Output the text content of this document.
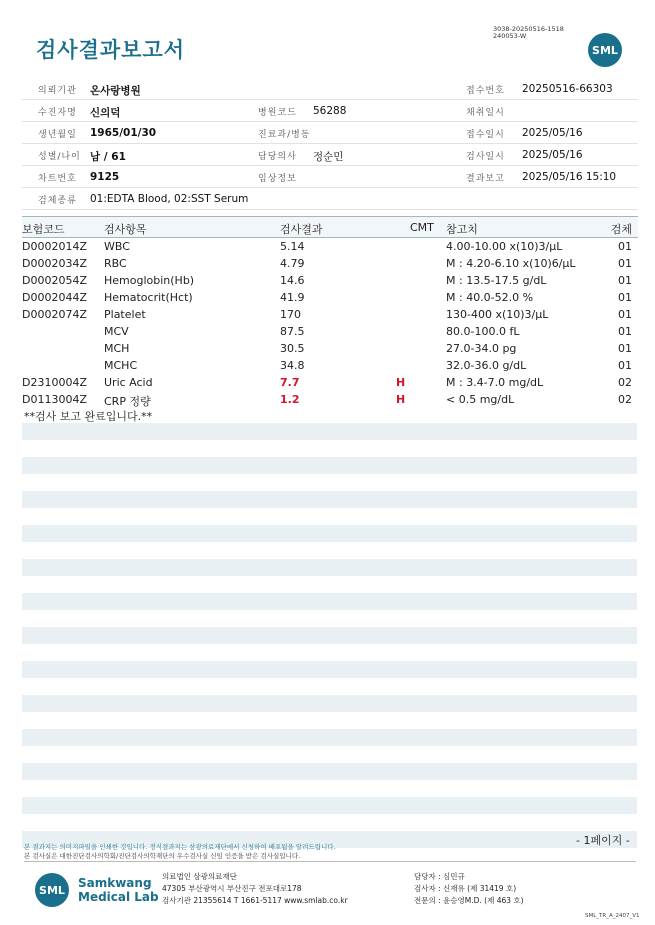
검사결과보고서
3038-20250516-1518
240053-W
SML
의뢰기관 온사랑병원	접수번호 20250516-66303
수진자명 신의덕	병원코드 56288	채취일시
생년월일 1965/01/30	진료과/병동	접수일시 2025/05/16
성별/나이 남 / 61	담당의사 정순민	검사일시 2025/05/16
차트번호 9125	임상정보	결과보고 2025/05/16 15:10
검체종류 01:EDTA Blood, 02:SST Serum
보험코드	검사항목	검사결과	CMT 참고치	검체
D0002014Z WBC	5.14	4.00-10.00 x(10)3/μL	01
D0002034Z RBC	4.79	M : 4.20-6.10 x(10)6/μL	01
D0002054Z Hemoglobin(Hb)	14.6	M : 13.5-17.5 g/dL	01
D0002044Z Hematocrit(Hct)	41.9	M : 40.0-52.0 %	01
D0002074Z Platelet	170	130-400 x(10)3/μL	01
MCV	87.5	80.0-100.0 fL	01
MCH	30.5	27.0-34.0 pg	01
MCHC	34.8	32.0-36.0 g/dL	01
D2310004Z Uric Acid	7.7	H	M : 3.4-7.0 mg/dL	02
D0113004Z CRP 정량	1.2	H	< 0.5 mg/dL	02
**검사 보고 완료입니다.**
- 1페이지 -
본 결과지는 의미지파일을 인쇄한 것입니다. 정식결과지는 삼광의료재단에서 신청하여 배포됨을 알려드립니다.
본 검사실은 대한진단검사의학회/진단검사의학재단의 우수검사실 신임 인증을 받은 검사실입니다.
SML	Samkwang
Medical Lab
의료법인 삼광의료재단
47305 부산광역시 부산진구 전포대로178
검사기관 21355614 T 1661-5117 www.smlab.co.kr
담당자 : 심민규
검사자 : 신재유 (제 31419 호)
전문의 : 윤승영M.D. (제 463 호)
SML_TR_A_2407_V1
